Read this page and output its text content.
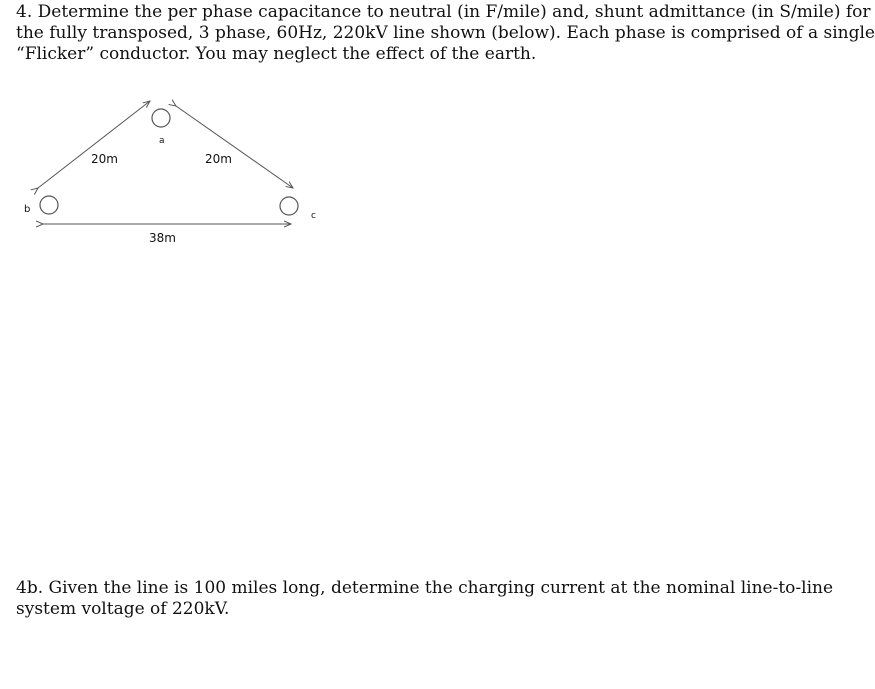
4. Determine the per phase capacitance to neutral (in F/mile) and, shunt admittance (in S/mile) for
the fully transposed, 3 phase, 60Hz, 220kV line shown (below). Each phase is comprised of a single
“Flicker” conductor. You may neglect the effect of the earth.
a
b
c
20m	20m
38m
4b. Given the line is 100 miles long, determine the charging current at the nominal line-to-line
system voltage of 220kV.
